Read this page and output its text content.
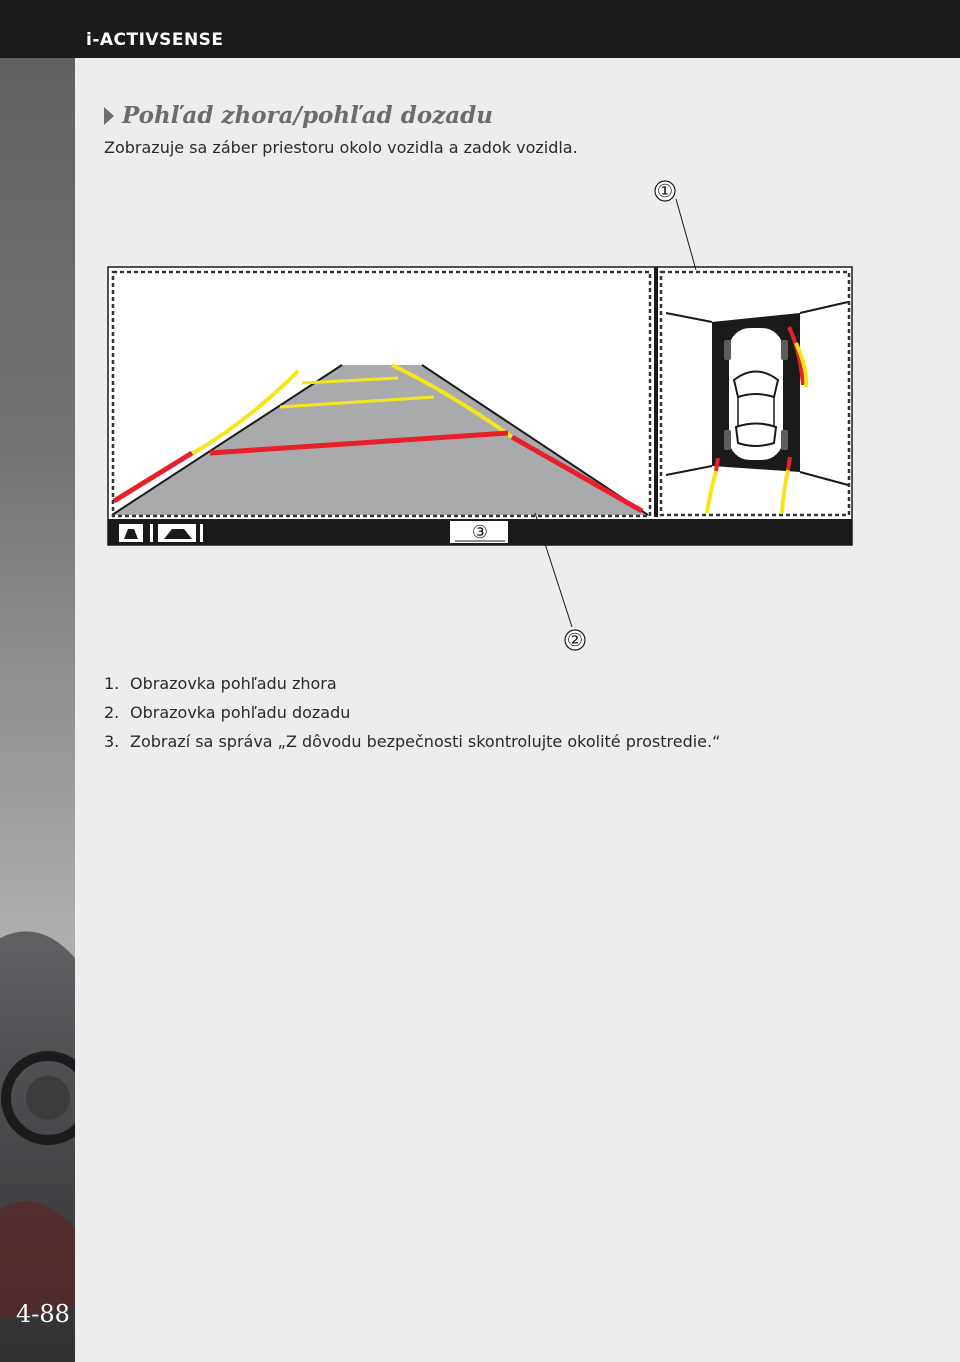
i-ACTIVSENSE
4-88
Pohľad zhora/pohľad dozadu
Zobrazuje sa záber priestoru okolo vozidla a zadok vozidla.
①
②
③
1. Obrazovka pohľadu zhora
2. Obrazovka pohľadu dozadu
3. Zobrazí sa správa „Z dôvodu bezpečnosti skontrolujte okolité prostredie.“
